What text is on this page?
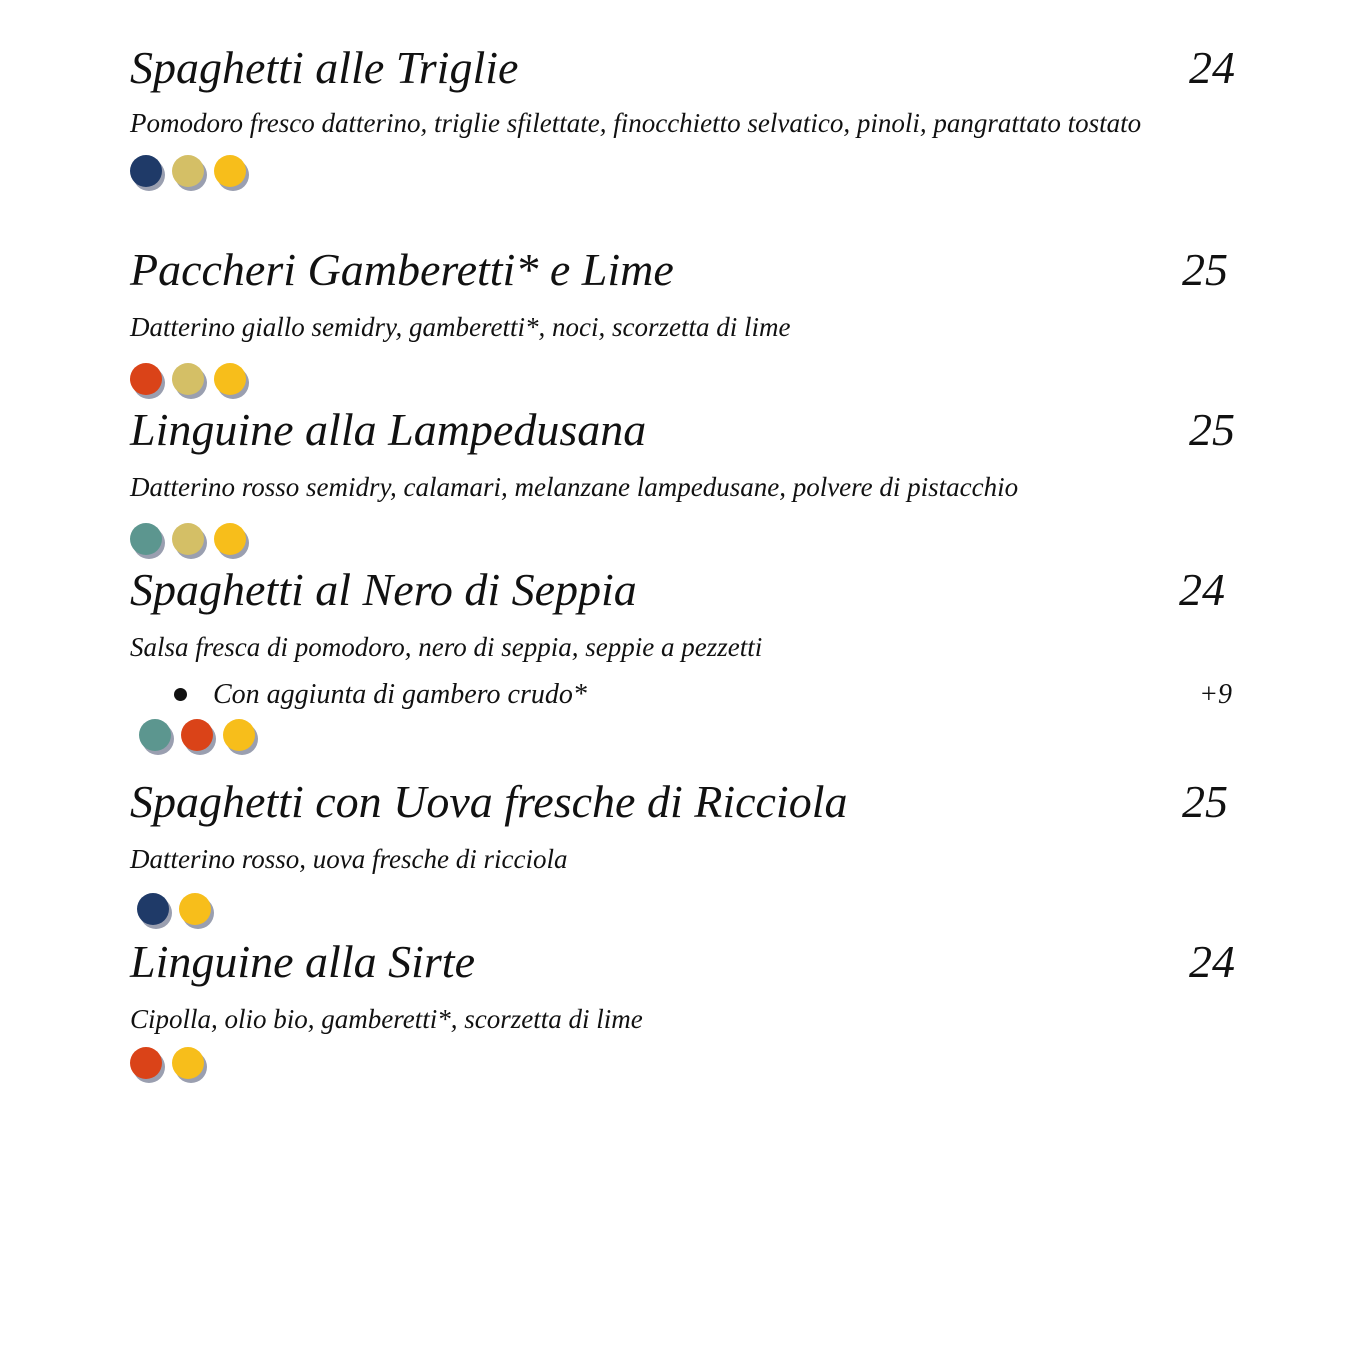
Spaghetti alle Triglie	24

Pomodoro fresco datterino, triglie sfilettate, finocchietto selvatico, pinoli, pangrattato tostato

Paccheri Gamberetti* e Lime	25

Datterino giallo semidry, gamberetti*, noci, scorzetta di lime

Linguine alla Lampedusana	25

Datterino rosso semidry, calamari, melanzane lampedusane, polvere di pistacchio

Spaghetti al Nero di Seppia	24

Salsa fresca di pomodoro, nero di seppia, seppie a pezzetti

Con aggiunta di gambero crudo*	+9
Spaghetti con Uova fresche di Ricciola	25

Datterino rosso, uova fresche di ricciola

Linguine alla Sirte	24

Cipolla, olio bio, gamberetti*, scorzetta di lime
